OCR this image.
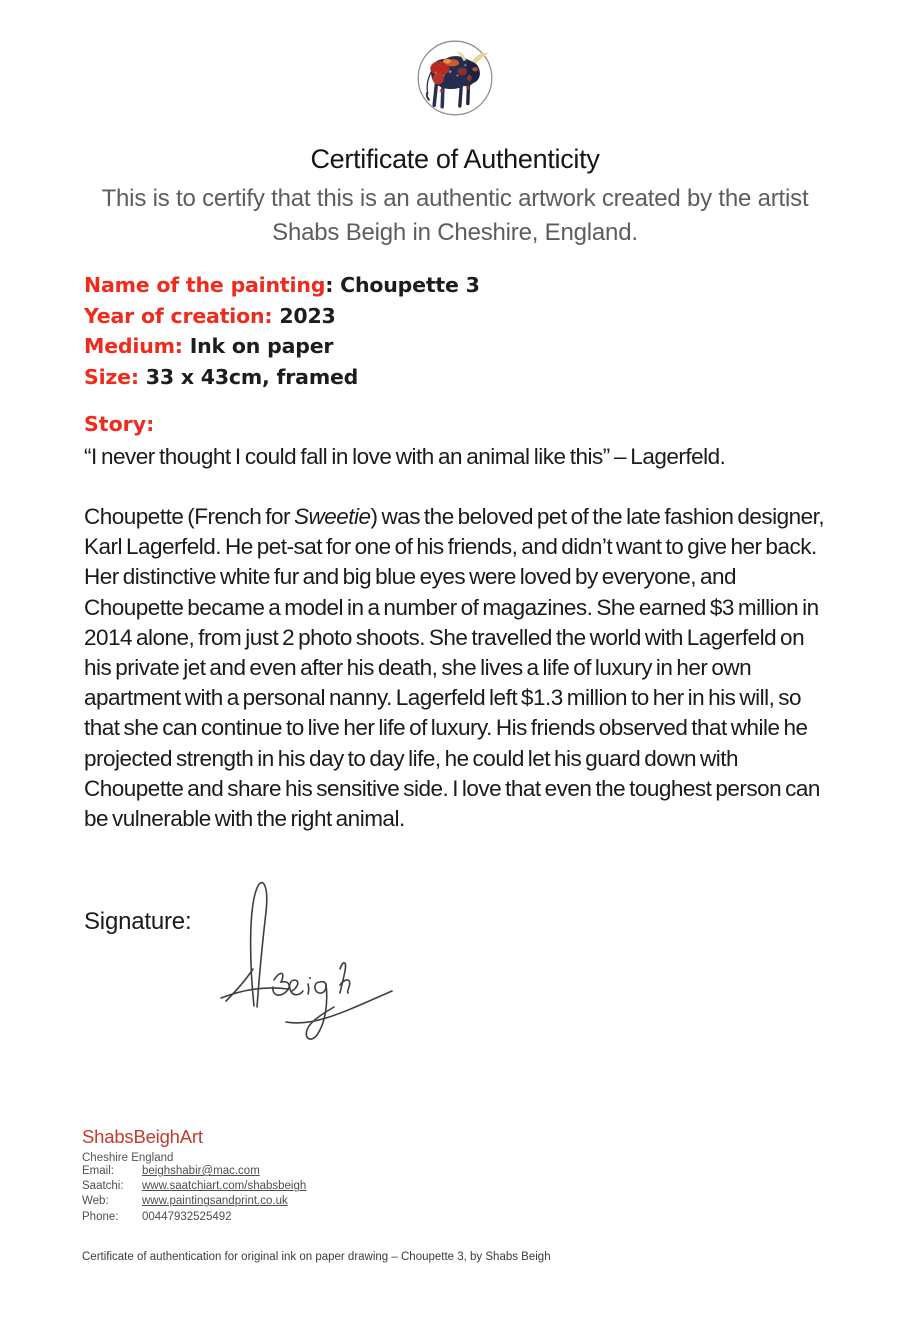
Certificate of Authenticity
This is to certify that this is an authentic artwork created by the artist
Shabs Beigh in Cheshire, England.
Name of the painting: Choupette 3
Year of creation: 2023
Medium: Ink on paper
Size: 33 x 43cm, framed
Story:
“I never thought I could fall in love with an animal like this” – Lagerfeld.
Choupette (French for Sweetie) was the beloved pet of the late fashion designer, Karl Lagerfeld. He pet-sat for one of his friends, and didn’t want to give her back. Her distinctive white fur and big blue eyes were loved by everyone, and Choupette became a model in a number of magazines. She earned $3 million in 2014 alone, from just 2 photo shoots. She travelled the world with Lagerfeld on his private jet and even after his death, she lives a life of luxury in her own apartment with a personal nanny. Lagerfeld left $1.3 million to her in his will, so that she can continue to live her life of luxury. His friends observed that while he projected strength in his day to day life, he could let his guard down with Choupette and share his sensitive side. I love that even the toughest person can be vulnerable with the right animal.
Signature:
ShabsBeighArt
Cheshire England
Email:	beighshabir@mac.com
Saatchi:	www.saatchiart.com/shabsbeigh
Web:	www.paintingsandprint.co.uk
Phone:	00447932525492
Certificate of authentication for original ink on paper drawing – Choupette 3, by Shabs Beigh
